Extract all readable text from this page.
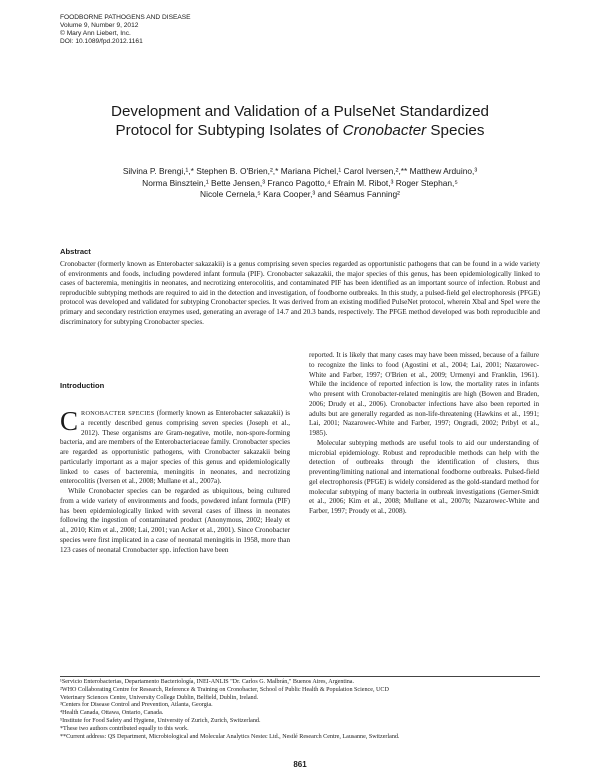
FOODBORNE PATHOGENS AND DISEASE
Volume 9, Number 9, 2012
© Mary Ann Liebert, Inc.
DOI: 10.1089/fpd.2012.1161
Development and Validation of a PulseNet Standardized
Protocol for Subtyping Isolates of Cronobacter Species
Silvina P. Brengi,¹,* Stephen B. O'Brien,²,* Mariana Pichel,¹ Carol Iversen,²,** Matthew Arduino,³
Norma Binsztein,¹ Bette Jensen,³ Franco Pagotto,⁴ Efrain M. Ribot,³ Roger Stephan,⁵
Nicole Cernela,⁵ Kara Cooper,³ and Séamus Fanning²
Abstract

Cronobacter (formerly known as Enterobacter sakazakii) is a genus comprising seven species regarded as opportunistic pathogens that can be found in a wide variety of environments and foods, including powdered infant formula (PIF). Cronobacter sakazakii, the major species of this genus, has been epidemiologically linked to cases of bacteremia, meningitis in neonates, and necrotizing enterocolitis, and contaminated PIF has been identified as an important source of infection. Robust and reproducible subtyping methods are required to aid in the detection and investigation, of foodborne outbreaks. In this study, a pulsed-field gel electrophoresis (PFGE) protocol was developed and validated for subtyping Cronobacter species. It was derived from an existing modified PulseNet protocol, wherein XbaI and SpeI were the primary and secondary restriction enzymes used, generating an average of 14.7 and 20.3 bands, respectively. The PFGE method developed was both reproducible and discriminatory for subtyping Cronobacter species.

Introduction

CRONOBACTER SPECIES (formerly known as Enterobacter sakazakii) is a recently described genus comprising seven species (Joseph et al., 2012). These organisms are Gram-negative, motile, non-spore-forming bacteria, and are members of the Enterobacteriaceae family. Cronobacter species are regarded as opportunistic pathogens, with Cronobacter sakazakii being particularly important as a major species of this genus and epidemiologically linked to cases of bacteremia, meningitis in neonates, and necrotizing enterocolitis (Iversen et al., 2008; Mullane et al., 2007a).

While Cronobacter species can be regarded as ubiquitous, being cultured from a wide variety of environments and foods, powdered infant formula (PIF) has been epidemiologically linked with several cases of illness in neonates following the ingestion of contaminated product (Anonymous, 2002; Healy et al., 2010; Kim et al., 2008; Lai, 2001; van Acker et al., 2001). Since Cronobacter species were first implicated in a case of neonatal meningitis in 1958, more than 123 cases of neonatal Cronobacter spp. infection have been

reported. It is likely that many cases may have been missed, because of a failure to recognize the links to food (Agostini et al., 2004; Lai, 2001; Nazarowec-White and Farber, 1997; O'Brien et al., 2009; Urmenyi and Franklin, 1961). While the incidence of reported infection is low, the mortality rates in infants who present with Cronobacter-related meningitis are high (Bowen and Braden, 2006; Drudy et al., 2006). Cronobacter infections have also been reported in adults but are generally regarded as non-life-threatening (Hawkins et al., 1991; Lai, 2001; Nazarowec-White and Farber, 1997; Ongradi, 2002; Pribyl et al., 1985).

Molecular subtyping methods are useful tools to aid our understanding of microbial epidemiology. Robust and reproducible methods can help with the detection of outbreaks through the identification of clusters, thus preventing/limiting national and international foodborne outbreaks. Pulsed-field gel electrophoresis (PFGE) is widely considered as the gold-standard method for molecular subtyping of many bacteria in outbreak investigations (Gerner-Smidt et al., 2006; Kim et al., 2008; Mullane et al., 2007b; Nazarowec-White and Farber, 1997; Proudy et al., 2008).

¹Servicio Enterobacterias, Departamento Bacteriología, INEI-ANLIS "Dr. Carlos G. Malbrán," Buenos Aires, Argentina.
²WHO Collaborating Centre for Research, Reference & Training on Cronobacter, School of Public Health & Population Science, UCD
Veterinary Sciences Centre, University College Dublin, Belfield, Dublin, Ireland.
³Centers for Disease Control and Prevention, Atlanta, Georgia.
⁴Health Canada, Ottawa, Ontario, Canada.
⁵Institute for Food Safety and Hygiene, University of Zurich, Zurich, Switzerland.
*These two authors contributed equally to this work.
**Current address: QS Department, Microbiological and Molecular Analytics Nestec Ltd., Nestlé Research Centre, Lausanne, Switzerland.
861
